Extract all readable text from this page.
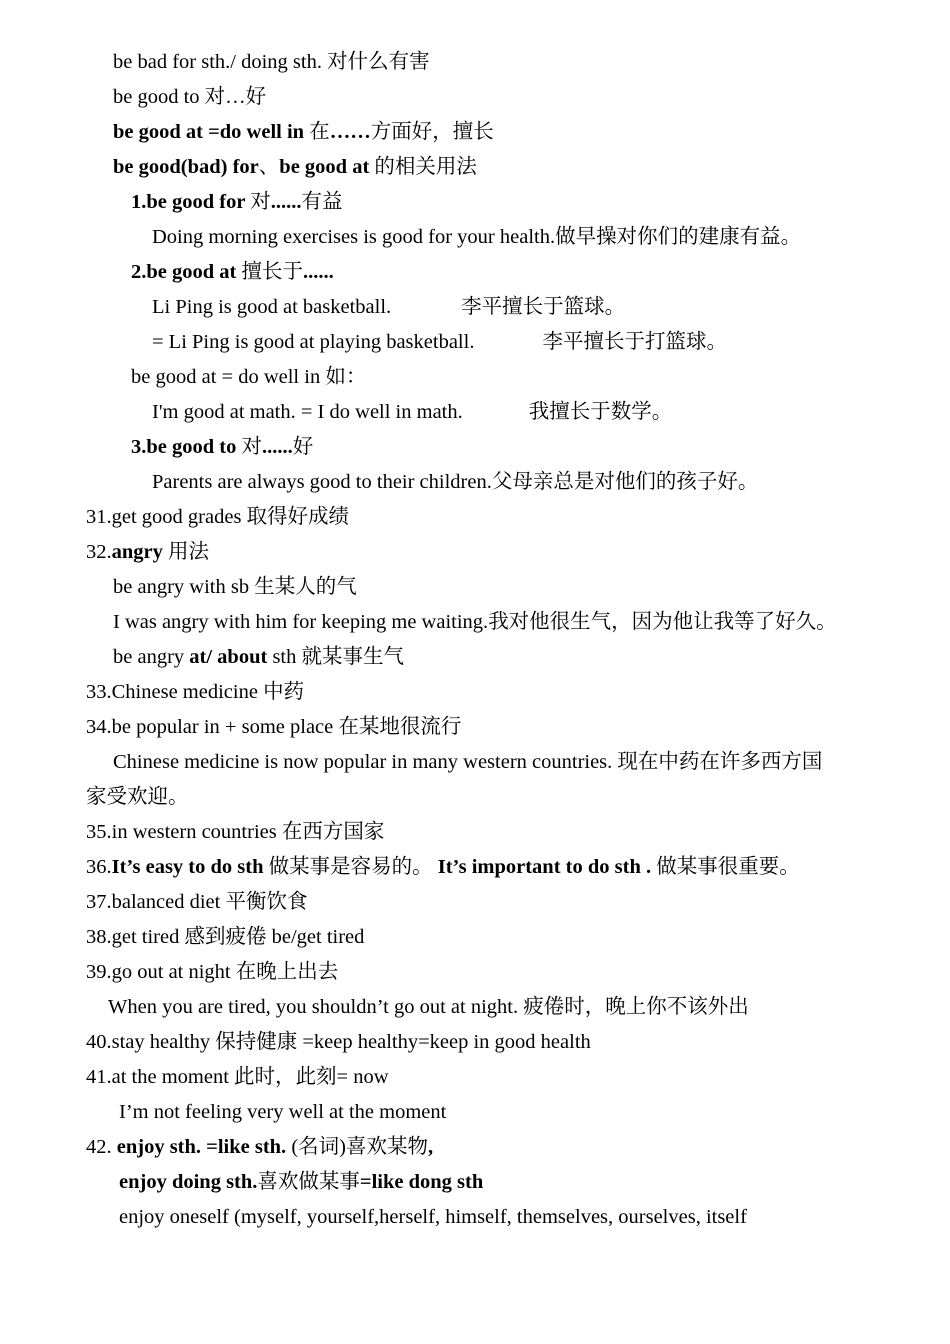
be bad for sth./ doing sth. 对什么有害
be good to 对…好
be good at =do well in 在……方面好，擅长
be good(bad) for、be good at 的相关用法
1.be good for 对......有益
Doing morning exercises is good for your health.做早操对你们的建康有益。
2.be good at 擅长于......
Li Ping is good at basketball.	李平擅长于篮球。
= Li Ping is good at playing basketball.	李平擅长于打篮球。
be good at = do well in 如：
I'm good at math. = I do well in math.	我擅长于数学。
3.be good to 对......好
Parents are always good to their children.父母亲总是对他们的孩子好。
31.get good grades 取得好成绩
32.angry 用法
be angry with sb 生某人的气
I was angry with him for keeping me waiting.我对他很生气，因为他让我等了好久。
be angry at/ about sth 就某事生气
33.Chinese medicine 中药
34.be popular in + some place 在某地很流行
Chinese medicine is now popular in many western countries. 现在中药在许多西方国
家受欢迎。
35.in western countries 在西方国家
36.It’s easy to do sth 做某事是容易的。 It’s important to do sth . 做某事很重要。
37.balanced diet 平衡饮食
38.get tired 感到疲倦 be/get tired
39.go out at night 在晚上出去
When you are tired, you shouldn’t go out at night. 疲倦时，晚上你不该外出
40.stay healthy 保持健康 =keep healthy=keep in good health
41.at the moment 此时，此刻= now
I’m not feeling very well at the moment
42. enjoy sth. =like sth. (名词)喜欢某物,
enjoy doing sth.喜欢做某事=like dong sth
enjoy oneself (myself, yourself,herself, himself, themselves, ourselves, itself
